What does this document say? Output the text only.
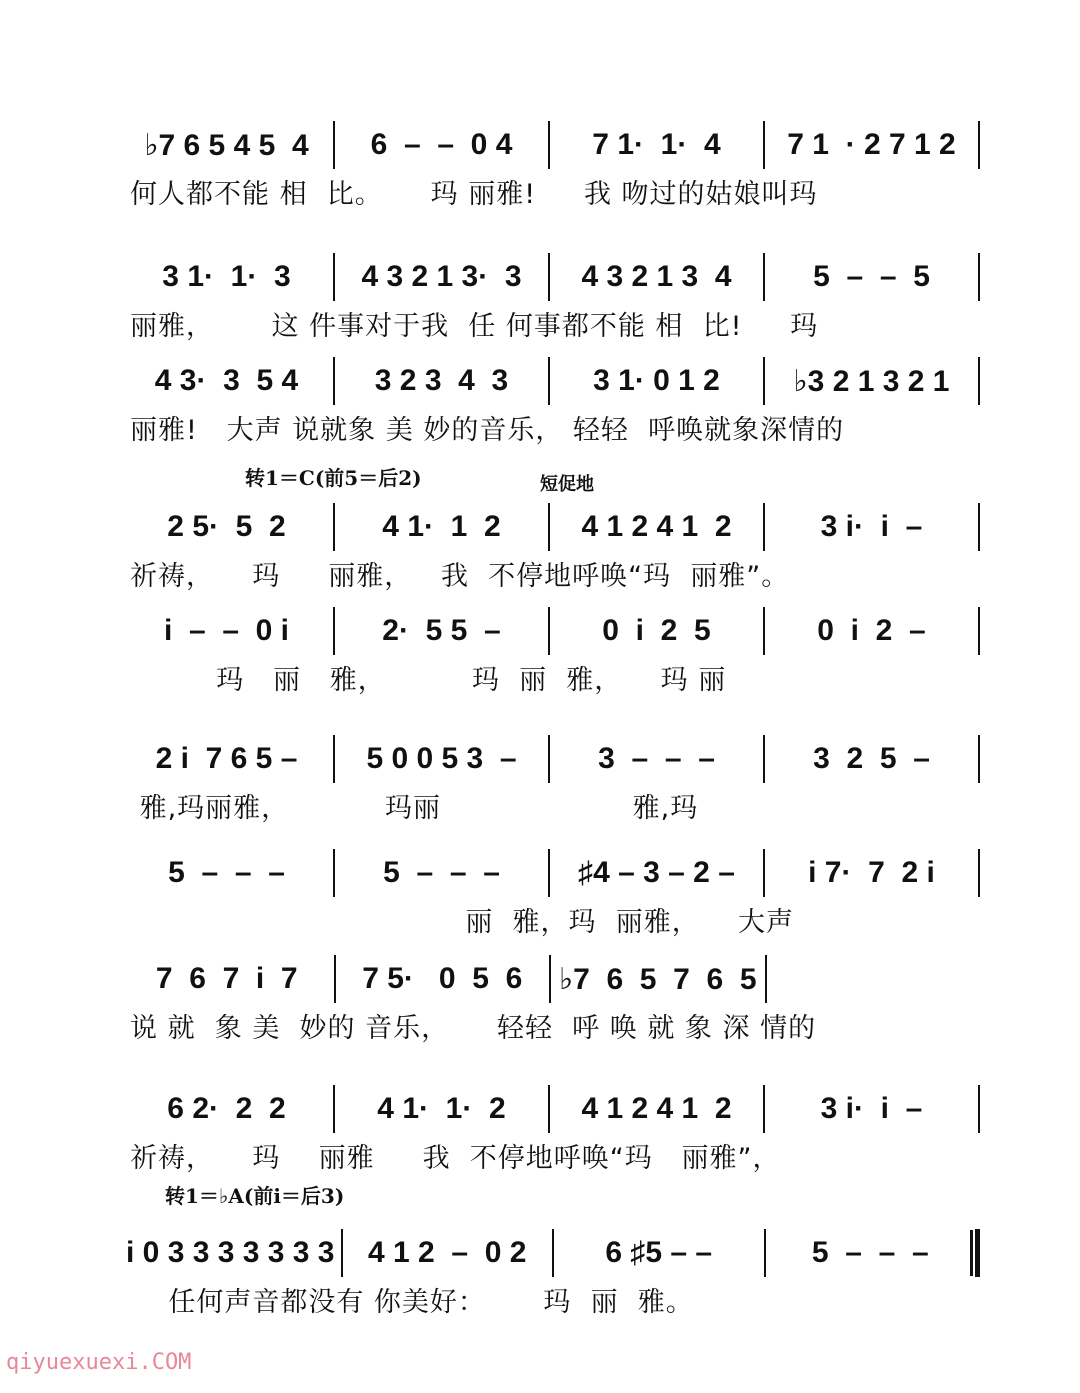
♭7 6 5 4 5  4	6  –  –  0 4	7 1·  1·  4	7 1  · 2 7 1 2
何人都不能 相  比。     玛 丽雅!     我 吻过的姑娘叫玛
3 1·  1·  3	4 3 2 1 3·  3	4 3 2 1 3  4	5  –  –  5
丽雅，      这 件事对于我  任 何事都不能 相  比!     玛
4 3·  3  5 4	3 2 3  4  3	3 1· 0 1 2	♭3 2 1 3 2 1
丽雅!   大声 说就象 美 妙的音乐， 轻轻  呼唤就象深情的
2 5·  5  2	4 1·  1  2	4 1 2 4 1  2	3 i·  i  –
祈祷，    玛     丽雅，   我  不停地呼唤“玛  丽雅”。
i  –  –  0 i	2·  5 5  –	0  i  2  5	0  i  2  –
玛   丽   雅，         玛  丽  雅，    玛 丽
2 i  7 6 5 –	5 0 0 5 3  –	3  –  –  –	3  2  5  –
雅,玛丽雅，          玛丽                    雅,玛
5  –  –  –	5  –  –  –	♯4 – 3 – 2 –	i 7·  7  2 i
丽  雅，玛  丽雅，    大声
7  6  7  i  7	7 5·   0  5  6	♭7  6  5  7  6  5
说 就  象 美  妙的 音乐，     轻轻  呼 唤 就 象 深 情的
6 2·  2  2	4 1·  1·  2	4 1 2 4 1  2	3 i·  i  –
祈祷，    玛    丽雅     我  不停地呼唤“玛   丽雅”，
i 0 3 3 3 3 3 3 3	4 1 2  –  0 2	6 ♯5 – –	5  –  –  –
任何声音都没有 你美好：      玛  丽  雅。
转1＝C(前5＝后2)	短促地
转1＝♭A(前i＝后3)
qiyuexuexi.COM
